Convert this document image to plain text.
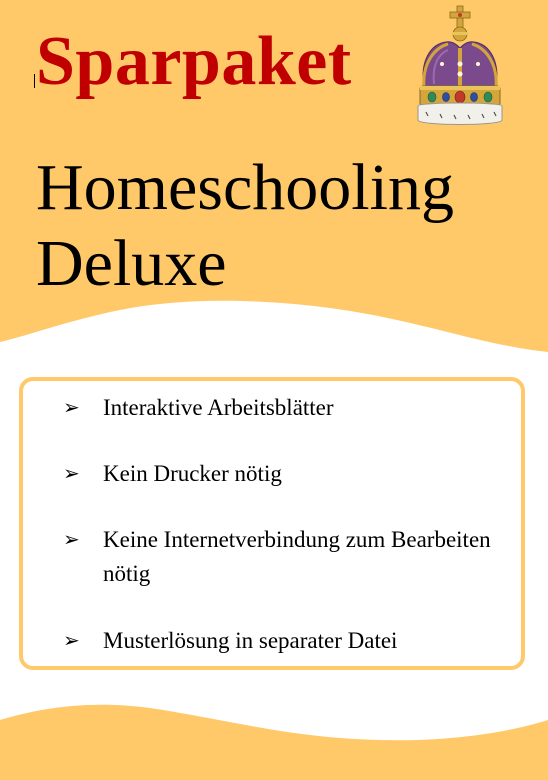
Sparpaket
Homeschooling
Deluxe
➢ Interaktive Arbeitsblätter
➢ Kein Drucker nötig
➢ Keine Internetverbindung zum Bearbeiten nötig
➢ Musterlösung in separater Datei
